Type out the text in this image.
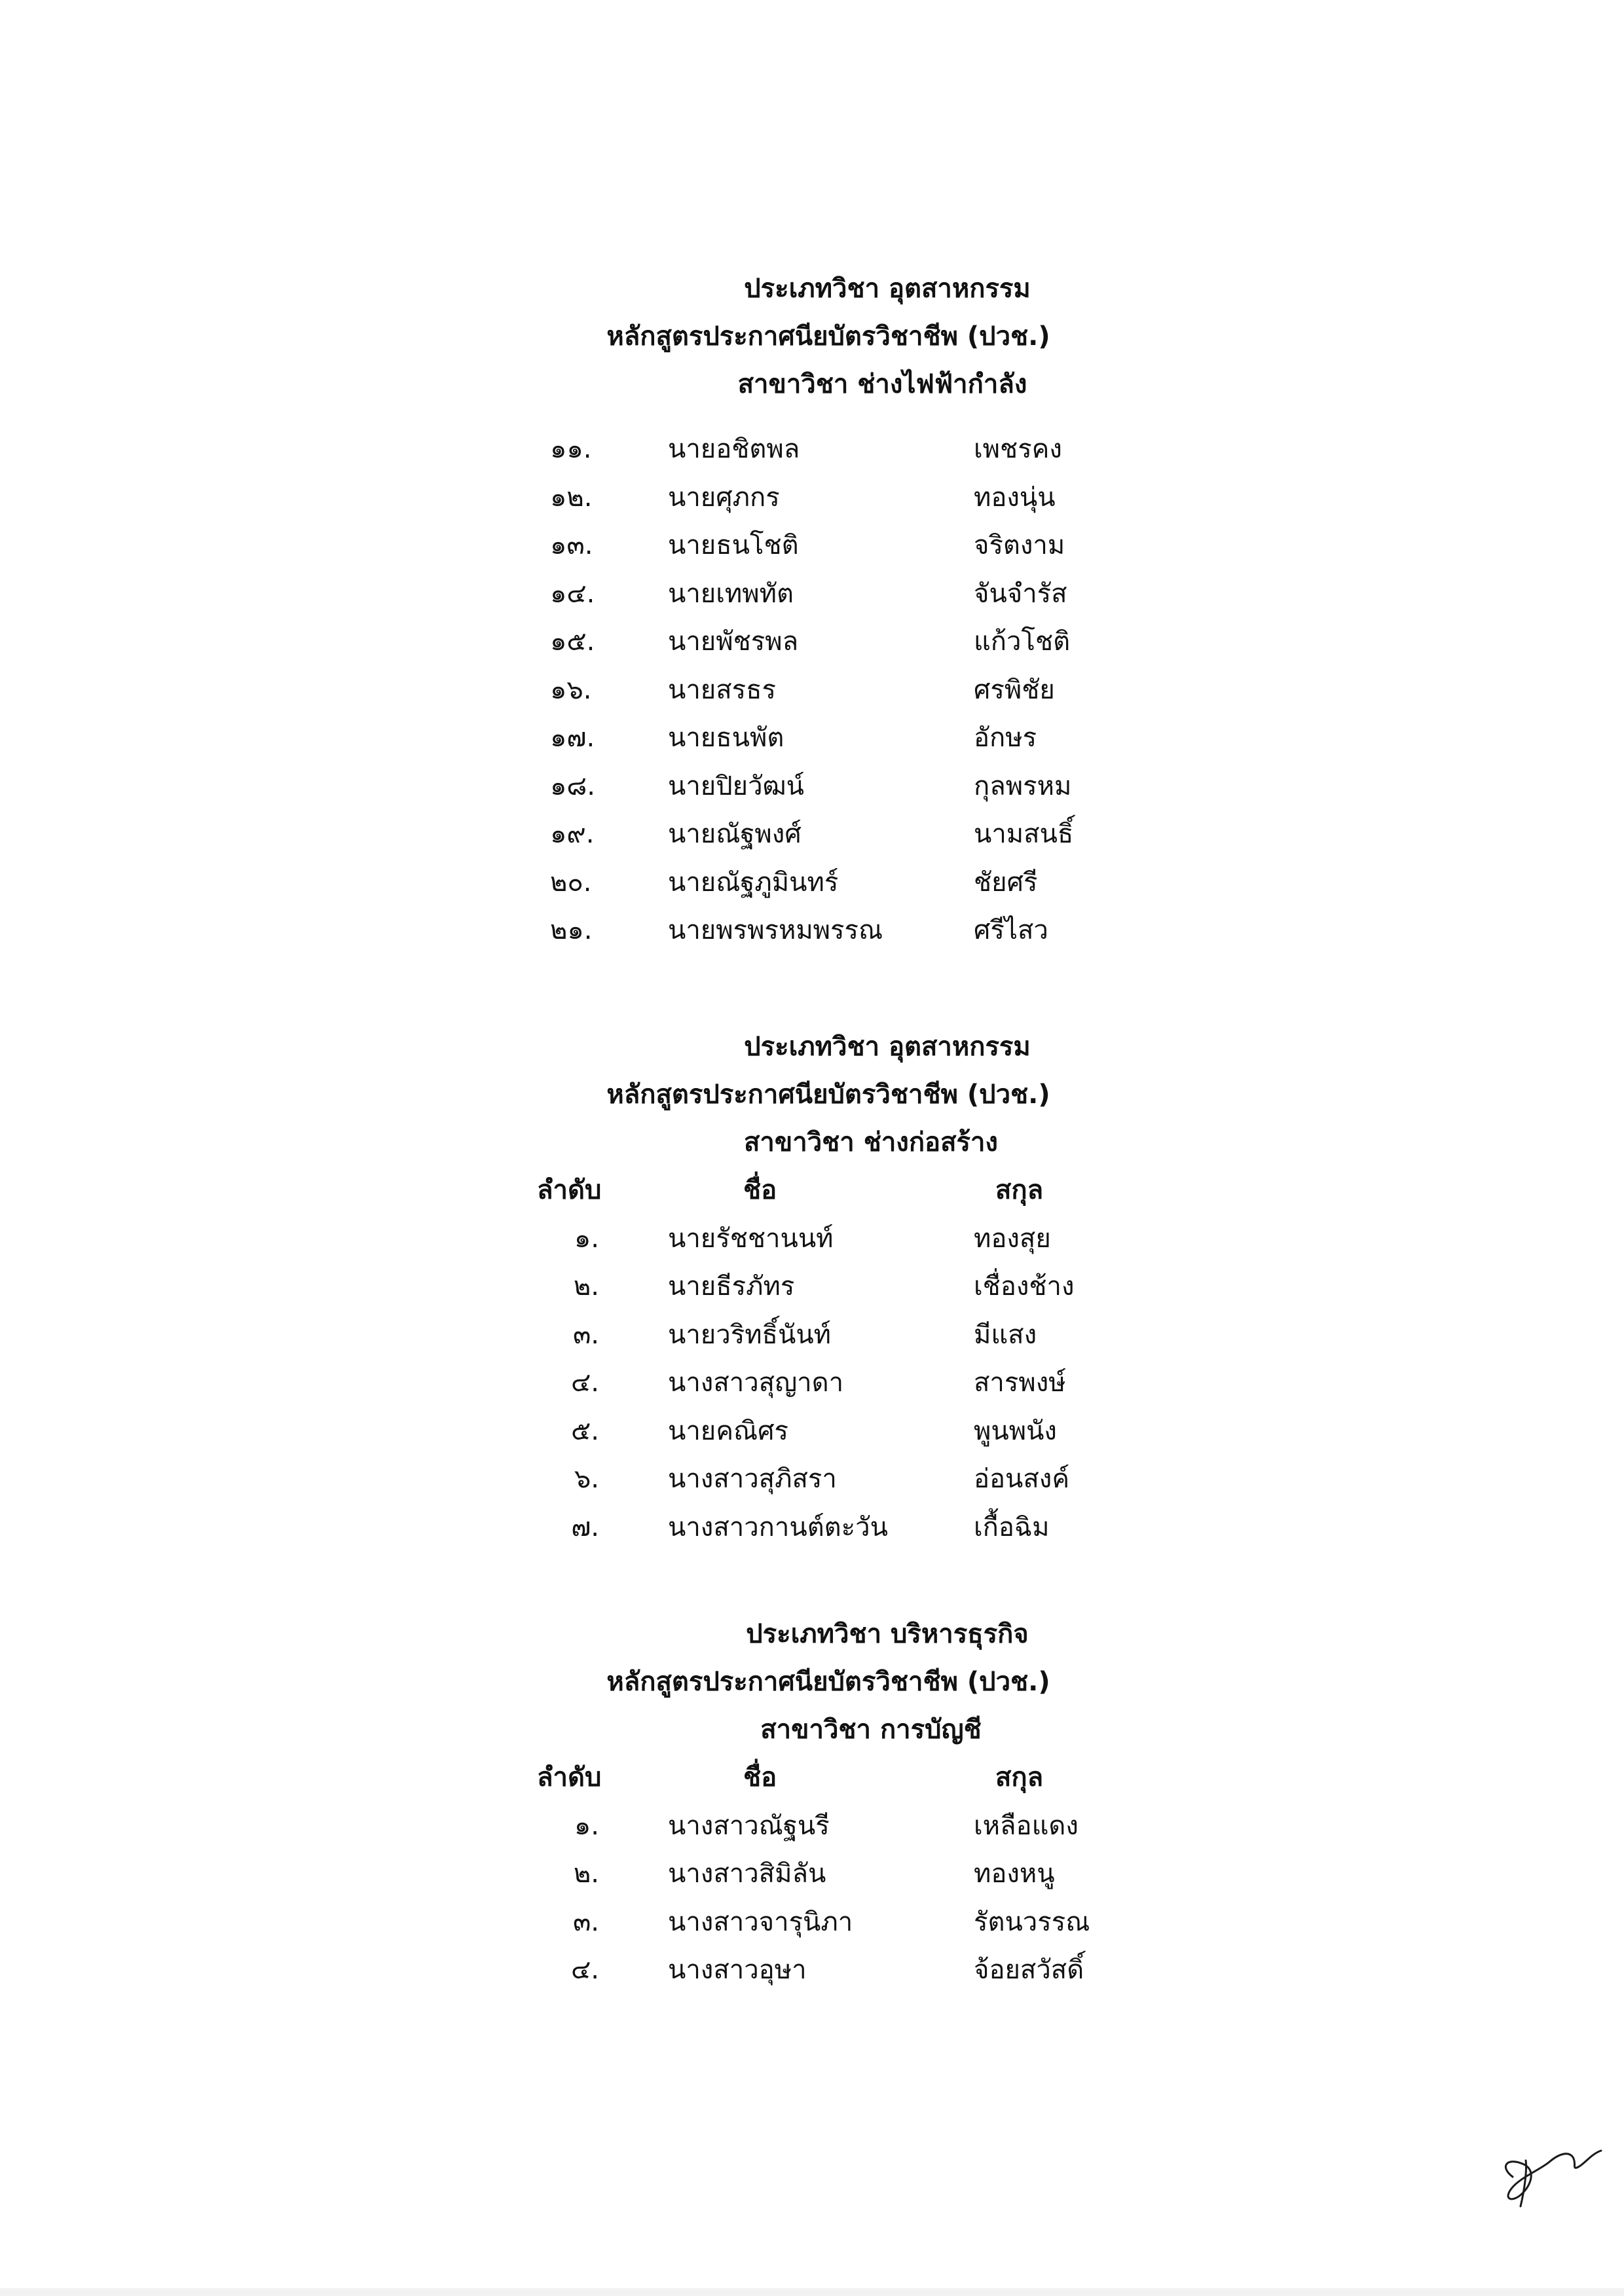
ประเภทวิชา อุตสาหกรรม
หลักสูตรประกาศนียบัตรวิชาชีพ (ปวช.)
สาขาวิชา ช่างไฟฟ้ากำลัง
๑๑.	นายอชิตพล	เพชรคง
๑๒.	นายศุภกร	ทองนุ่น
๑๓.	นายธนโชติ	จริตงาม
๑๔.	นายเทพทัต	จันจำรัส
๑๕.	นายพัชรพล	แก้วโชติ
๑๖.	นายสรธร	ศรพิชัย
๑๗.	นายธนพัต	อักษร
๑๘.	นายปิยวัฒน์	กุลพรหม
๑๙.	นายณัฐพงศ์	นามสนธิ์
๒๐.	นายณัฐภูมินทร์	ชัยศรี
๒๑.	นายพรพรหมพรรณ	ศรีไสว
ประเภทวิชา อุตสาหกรรม
หลักสูตรประกาศนียบัตรวิชาชีพ (ปวช.)
สาขาวิชา ช่างก่อสร้าง
ลำดับ	ชื่อ	สกุล
๑.	นายรัชชานนท์	ทองสุย
๒.	นายธีรภัทร	เชื่องช้าง
๓.	นายวริทธิ์นันท์	มีแสง
๔.	นางสาวสุญาดา	สารพงษ์
๕.	นายคณิศร	พูนพนัง
๖.	นางสาวสุภิสรา	อ่อนสงค์
๗.	นางสาวกานต์ตะวัน	เกื้อฉิม
ประเภทวิชา บริหารธุรกิจ
หลักสูตรประกาศนียบัตรวิชาชีพ (ปวช.)
สาขาวิชา การบัญชี
ลำดับ	ชื่อ	สกุล
๑.	นางสาวณัฐนรี	เหลือแดง
๒.	นางสาวสิมิลัน	ทองหนู
๓.	นางสาวจารุนิภา	รัตนวรรณ
๔.	นางสาวอุษา	จ้อยสวัสดิ์
